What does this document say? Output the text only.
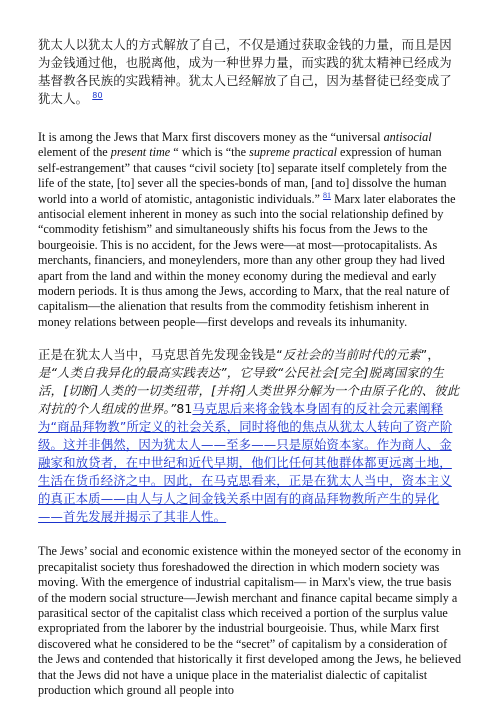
犹太人以犹太人的方式解放了自己，不仅是通过获取金钱的力量，而且是因为金钱通过他，也脱离他，成为一种世界力量，而实践的犹太精神已经成为基督教各民族的实践精神。犹太人已经解放了自己，因为基督徒已经变成了犹太人。 $^{80}$

It is among the Jews that Marx first discovers money as the “universal antisocial element of the present time “ which is “the supreme practical expression of human self-estrangement” that causes “civil society [to] separate itself completely from the life of the state, [to] sever all the species-bonds of man, [and to] dissolve the human world into a world of atomistic, antagonistic individuals.” $^{81}$ Marx later elaborates the antisocial element inherent in money as such into the social relationship defined by “commodity fetishism” and simultaneously shifts his focus from the Jews to the bourgeoisie. This is no accident, for the Jews were—at most—protocapitalists. As merchants, financiers, and moneylenders, more than any other group they had lived apart from the land and within the money economy during the medieval and early modern periods. It is thus among the Jews, according to Marx, that the real nature of capitalism—the alienation that results from the commodity fetishism inherent in money relations between people—first develops and reveals its inhumanity.

正是在犹太人当中，马克思首先发现金钱是“反社会的当前时代的元素”，是“人类自我异化的最高实践表达”，它导致“公民社会[完全]脱离国家的生活，[切断]人类的一切类纽带，[并将]人类世界分解为一个由原子化的、彼此对抗的个人组成的世界。”81马克思后来将金钱本身固有的反社会元素阐释为“商品拜物教”所定义的社会关系，同时将他的焦点从犹太人转向了资产阶级。这并非偶然，因为犹太人——至多——只是原始资本家。作为商人、金融家和放贷者，在中世纪和近代早期，他们比任何其他群体都更远离土地，生活在货币经济之中。因此，在马克思看来，正是在犹太人当中，资本主义的真正本质——由人与人之间金钱关系中固有的商品拜物教所产生的异化——首先发展并揭示了其非人性。

The Jews’ social and economic existence within the moneyed sector of the economy in precapitalist society thus foreshadowed the direction in which modern society was moving. With the emergence of industrial capitalism— in Marx's view, the true basis of the modern social structure—Jewish merchant and finance capital became simply a parasitical sector of the capitalist class which received a portion of the surplus value expropriated from the laborer by the industrial bourgeoisie. Thus, while Marx first discovered what he considered to be the “secret” of capitalism by a consideration of the Jews and contended that historically it first developed among the Jews, he believed that the Jews did not have a unique place in the materialist dialectic of capitalist production which ground all people into
